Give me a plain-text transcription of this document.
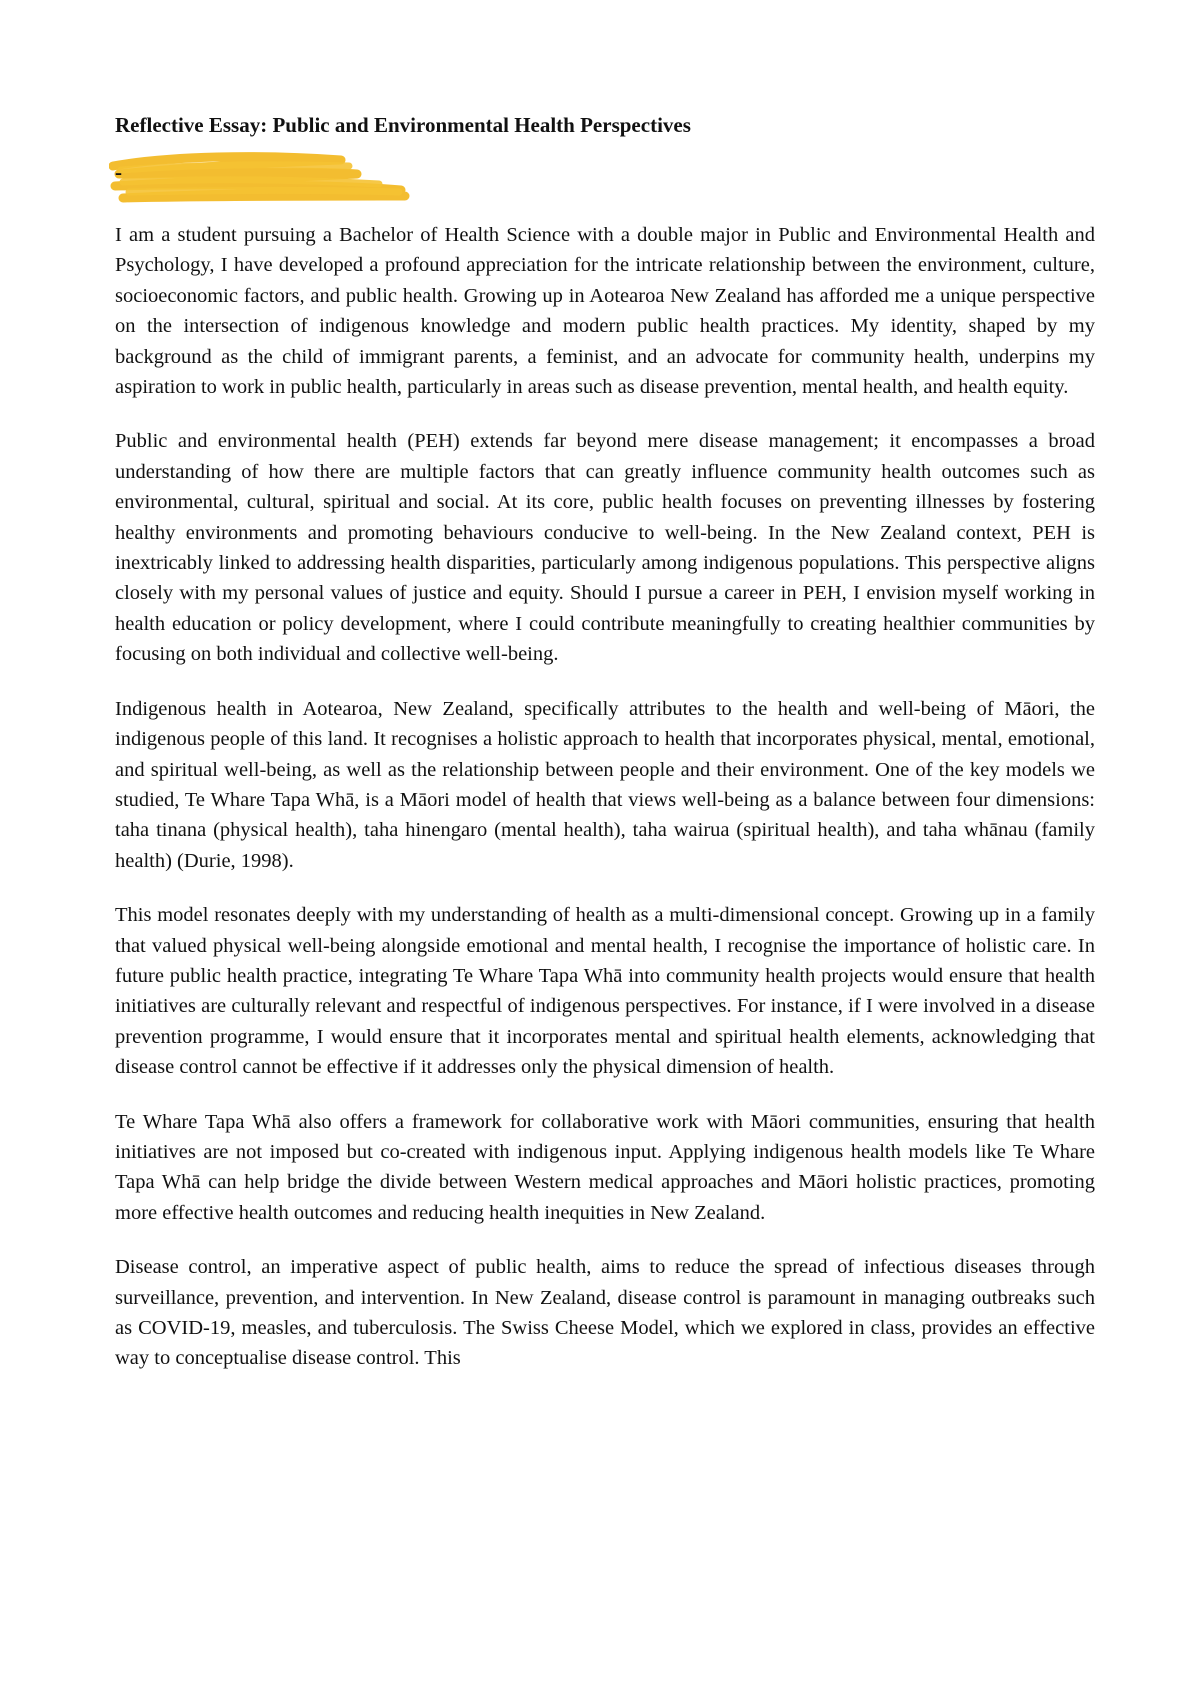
Reflective Essay: Public and Environmental Health Perspectives
-

I am a student pursuing a Bachelor of Health Science with a double major in Public and Environmental Health and Psychology, I have developed a profound appreciation for the intricate relationship between the environment, culture, socioeconomic factors, and public health. Growing up in Aotearoa New Zealand has afforded me a unique perspective on the intersection of indigenous knowledge and modern public health practices. My identity, shaped by my background as the child of immigrant parents, a feminist, and an advocate for community health, underpins my aspiration to work in public health, particularly in areas such as disease prevention, mental health, and health equity.

Public and environmental health (PEH) extends far beyond mere disease management; it encompasses a broad understanding of how there are multiple factors that can greatly influence community health outcomes such as environmental, cultural, spiritual and social. At its core, public health focuses on preventing illnesses by fostering healthy environments and promoting behaviours conducive to well-being. In the New Zealand context, PEH is inextricably linked to addressing health disparities, particularly among indigenous populations. This perspective aligns closely with my personal values of justice and equity. Should I pursue a career in PEH, I envision myself working in health education or policy development, where I could contribute meaningfully to creating healthier communities by focusing on both individual and collective well-being.

Indigenous health in Aotearoa, New Zealand, specifically attributes to the health and well-being of Māori, the indigenous people of this land. It recognises a holistic approach to health that incorporates physical, mental, emotional, and spiritual well-being, as well as the relationship between people and their environment. One of the key models we studied, Te Whare Tapa Whā, is a Māori model of health that views well-being as a balance between four dimensions: taha tinana (physical health), taha hinengaro (mental health), taha wairua (spiritual health), and taha whānau (family health) (Durie, 1998).

This model resonates deeply with my understanding of health as a multi-dimensional concept. Growing up in a family that valued physical well-being alongside emotional and mental health, I recognise the importance of holistic care. In future public health practice, integrating Te Whare Tapa Whā into community health projects would ensure that health initiatives are culturally relevant and respectful of indigenous perspectives. For instance, if I were involved in a disease prevention programme, I would ensure that it incorporates mental and spiritual health elements, acknowledging that disease control cannot be effective if it addresses only the physical dimension of health.

Te Whare Tapa Whā also offers a framework for collaborative work with Māori communities, ensuring that health initiatives are not imposed but co-created with indigenous input. Applying indigenous health models like Te Whare Tapa Whā can help bridge the divide between Western medical approaches and Māori holistic practices, promoting more effective health outcomes and reducing health inequities in New Zealand.

Disease control, an imperative aspect of public health, aims to reduce the spread of infectious diseases through surveillance, prevention, and intervention. In New Zealand, disease control is paramount in managing outbreaks such as COVID-19, measles, and tuberculosis. The Swiss Cheese Model, which we explored in class, provides an effective way to conceptualise disease control. This
